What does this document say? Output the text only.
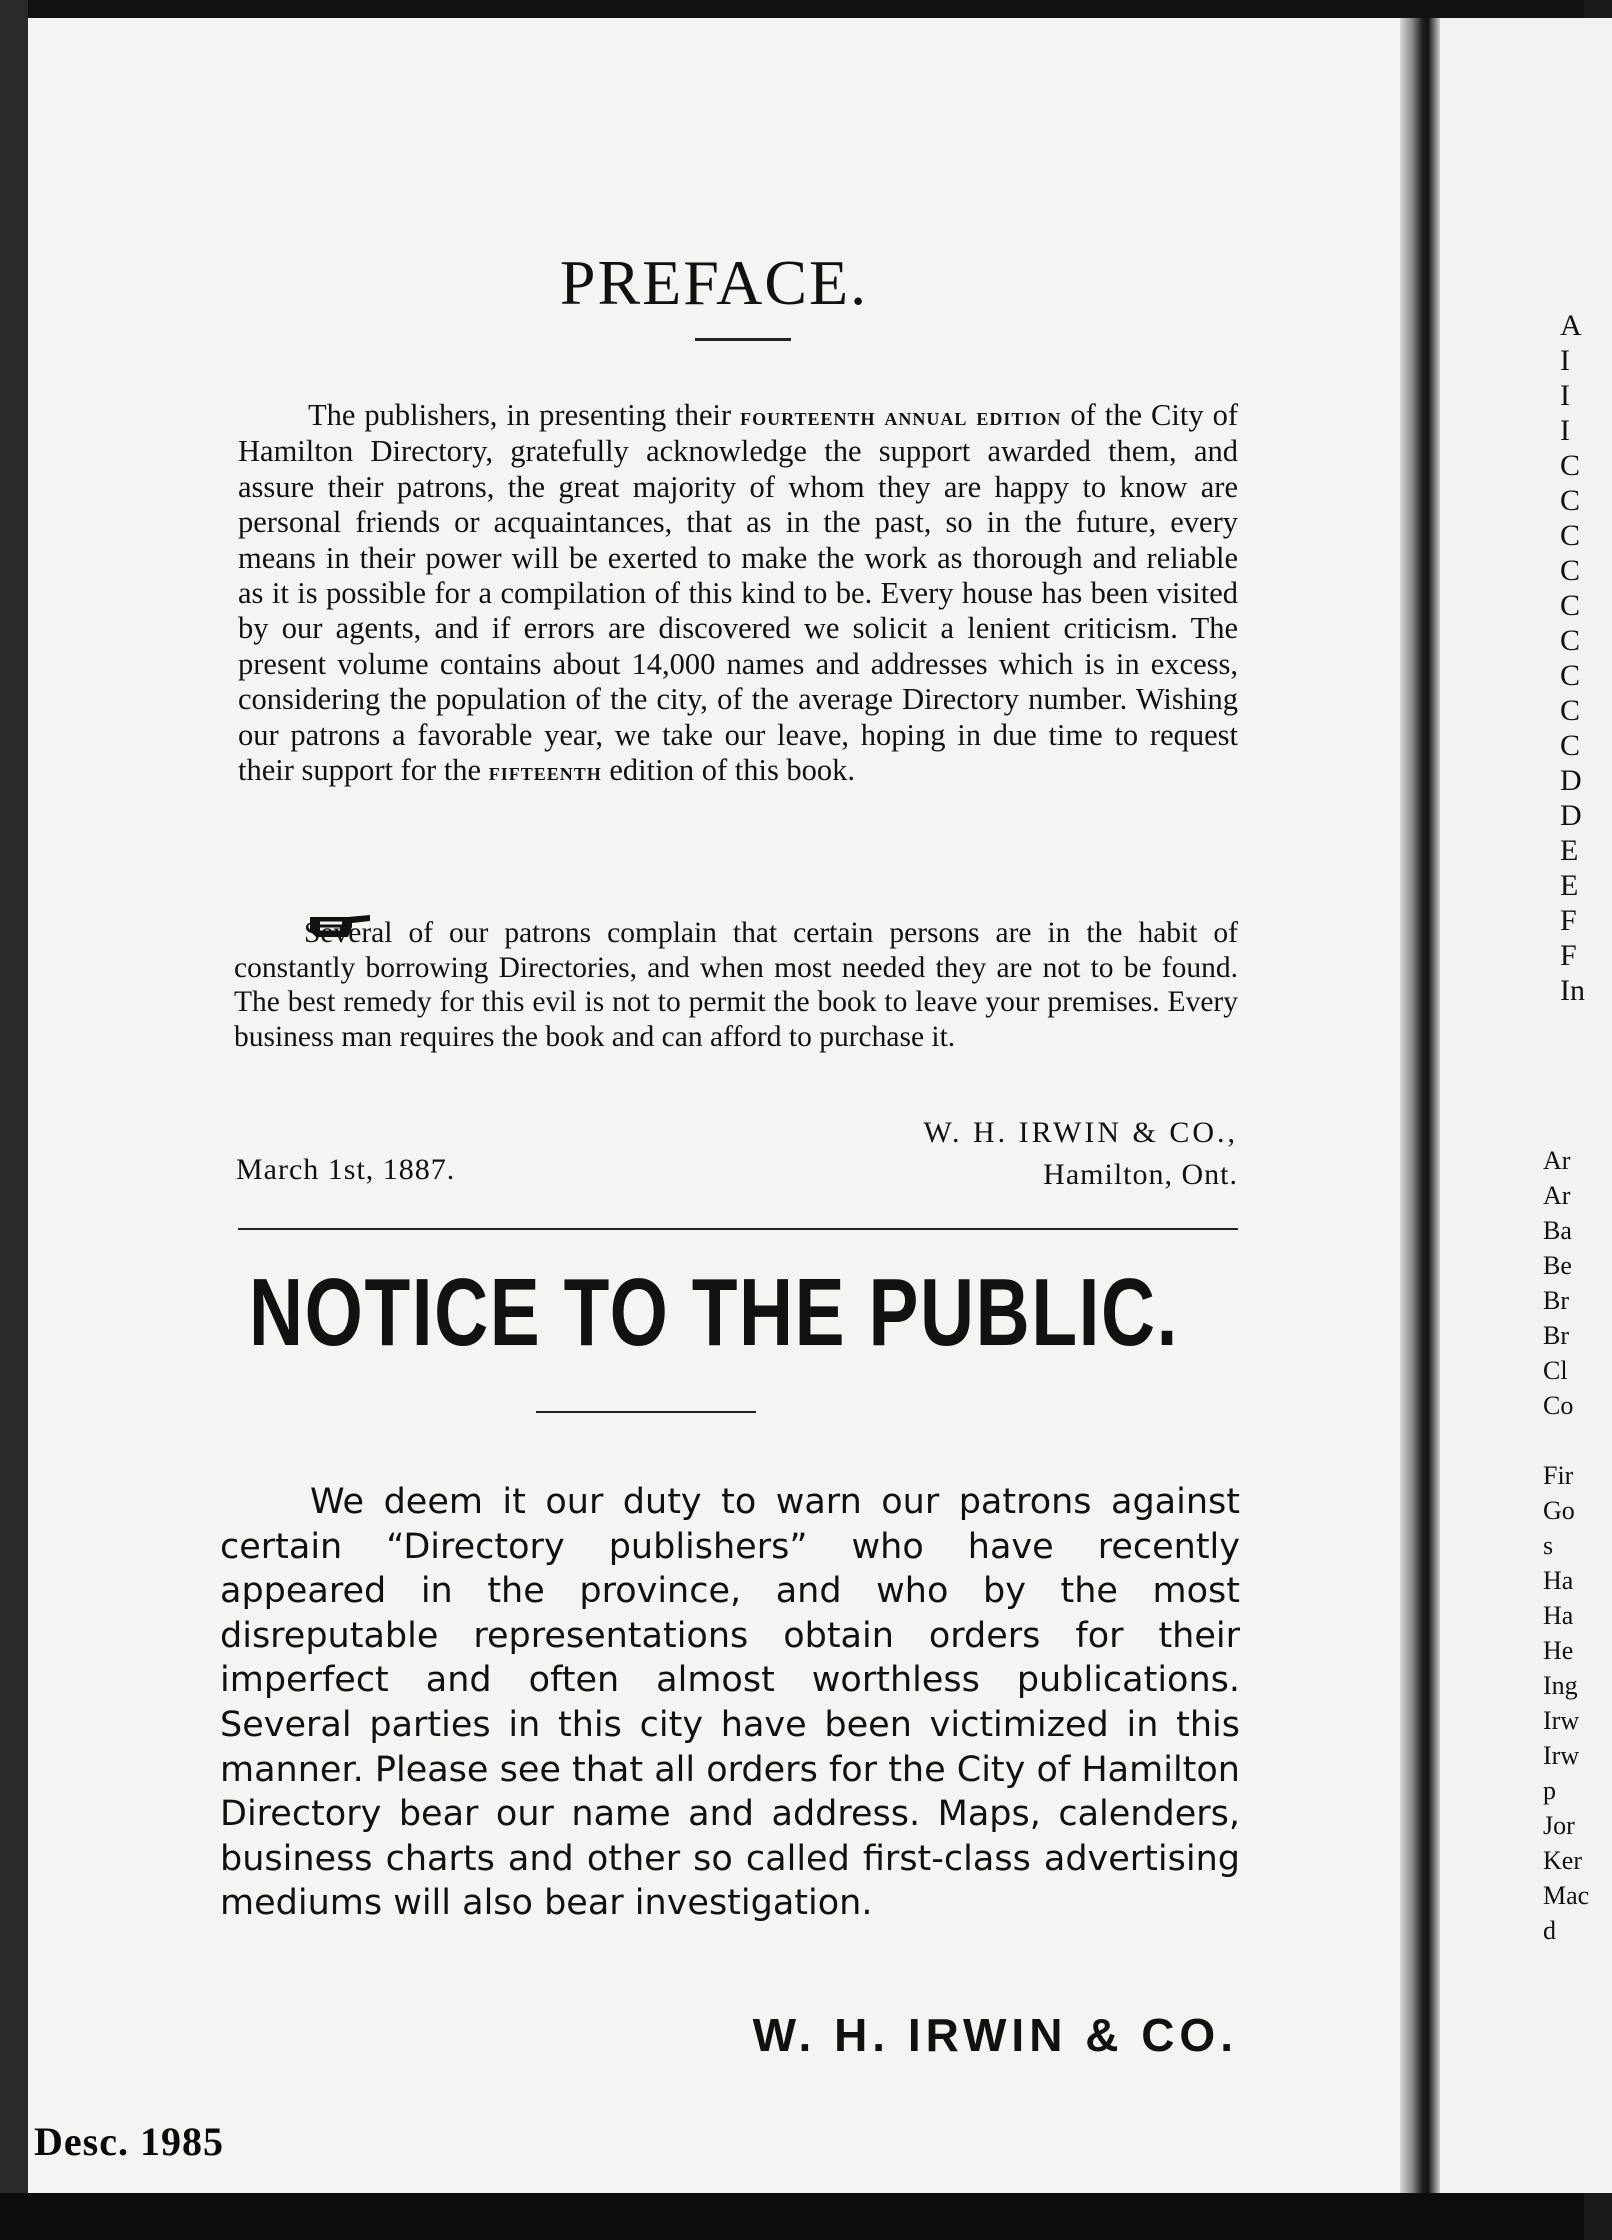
PREFACE.
The publishers, in presenting their fourteenth annual edition of the City of Hamilton Directory, gratefully acknowledge the support awarded them, and assure their patrons, the great majority of whom they are happy to know are personal friends or acquaintances, that as in the past, so in the future, every means in their power will be exerted to make the work as thorough and reliable as it is possible for a compilation of this kind to be. Every house has been visited by our agents, and if errors are discovered we solicit a lenient criticism. The present volume contains about 14,000 names and addresses which is in excess, considering the population of the city, of the average Directory number. Wishing our patrons a favorable year, we take our leave, hoping in due time to request their support for the fifteenth edition of this book.
Several of our patrons complain that certain persons are in the habit of constantly borrowing Directories, and when most needed they are not to be found. The best remedy for this evil is not to permit the book to leave your premises. Every business man requires the book and can afford to purchase it.
W. H. IRWIN & CO.,
March 1st, 1887.	Hamilton, Ont.
NOTICE TO THE PUBLIC.
We deem it our duty to warn our patrons against certain “Directory publishers” who have recently appeared in the province, and who by the most disreputable representations obtain orders for their imperfect and often almost worthless publications. Several parties in this city have been victimized in this manner. Please see that all orders for the City of Hamilton Directory bear our name and address. Maps, calenders, business charts and other so called first-class advertising mediums will also bear investigation.
W. H. IRWIN & CO.
Desc. 1985
A
I
I
I
C
C
C
C
C
C
C
C
C
D
D
E
E
F
F
In
Ar
Ar
Ba
Be
Br
Br
Cl
Co

Fir
Go
s
Ha
Ha
He
Ing
Irw
Irw
p
Jor
Ker
Mac
d
